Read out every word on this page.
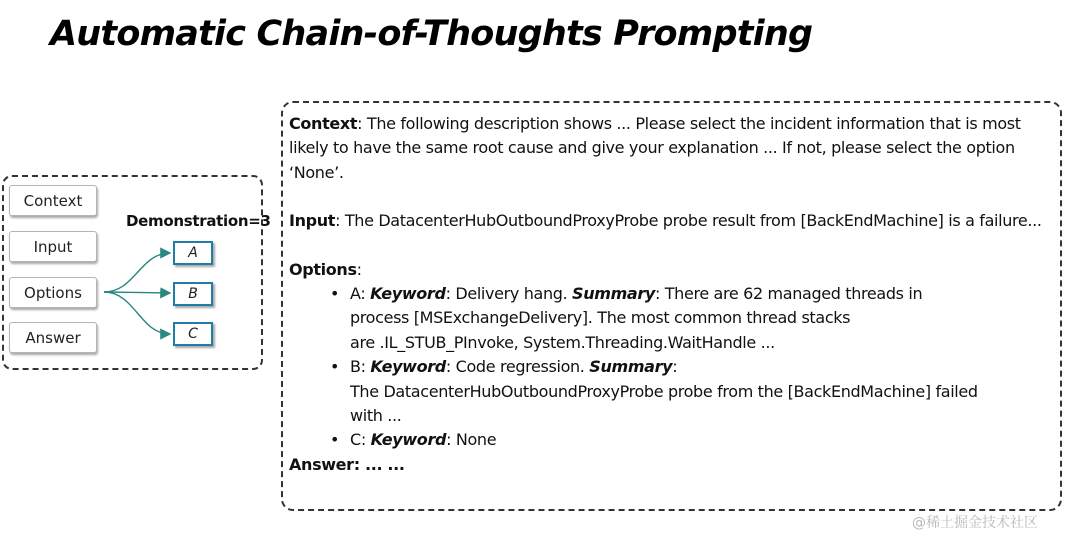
Automatic Chain-of-Thoughts Prompting
Context
Input
Options
Answer
Demonstration=3
A
B
C

Context: The following description shows ... Please select the incident information that is most likely to have the same root cause and give your explanation ... If not, please select the option ‘None’.

Input: The DatacenterHubOutboundProxyProbe probe result from [BackEndMachine] is a failure...

Options:

• A: Keyword: Delivery hang. Summary: There are 62 managed threads in
process [MSExchangeDelivery]. The most common thread stacks
are .IL_STUB_PInvoke, System.Threading.WaitHandle ...
• B: Keyword: Code regression. Summary:
The DatacenterHubOutboundProxyProbe probe from the [BackEndMachine] failed
with ...
• C: Keyword: None

Answer: ... ...

@稀土掘金技术社区
